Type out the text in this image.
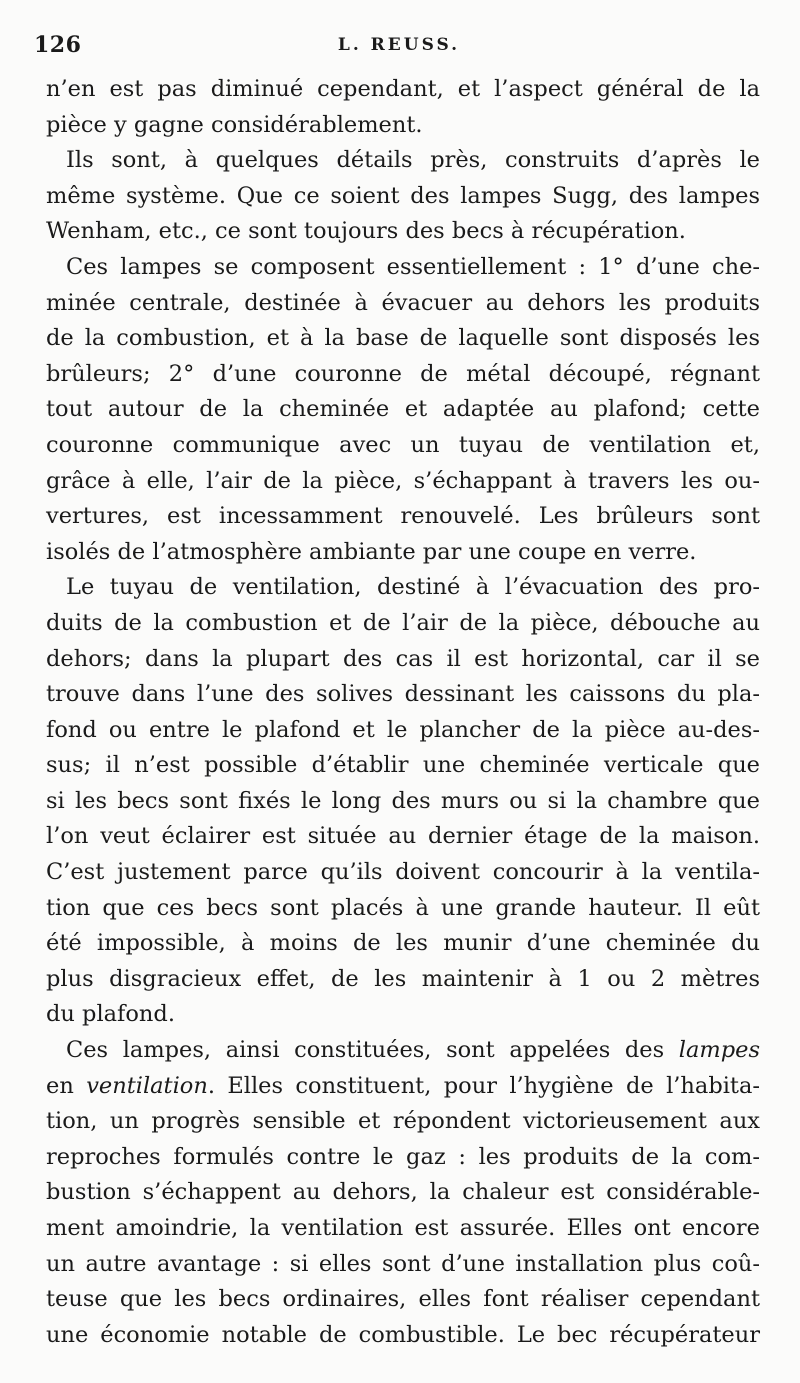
126	L. REUSS.
n’en est pas diminué cependant, et l’aspect général de la
pièce y gagne considérablement.
Ils sont, à quelques détails près, construits d’après le
même système. Que ce soient des lampes Sugg, des lampes
Wenham, etc., ce sont toujours des becs à récupération.
Ces lampes se composent essentiellement : 1° d’une che-
minée centrale, destinée à évacuer au dehors les produits
de la combustion, et à la base de laquelle sont disposés les
brûleurs; 2° d’une couronne de métal découpé, régnant
tout autour de la cheminée et adaptée au plafond; cette
couronne communique avec un tuyau de ventilation et,
grâce à elle, l’air de la pièce, s’échappant à travers les ou-
vertures, est incessamment renouvelé. Les brûleurs sont
isolés de l’atmosphère ambiante par une coupe en verre.
Le tuyau de ventilation, destiné à l’évacuation des pro-
duits de la combustion et de l’air de la pièce, débouche au
dehors; dans la plupart des cas il est horizontal, car il se
trouve dans l’une des solives dessinant les caissons du pla-
fond ou entre le plafond et le plancher de la pièce au-des-
sus; il n’est possible d’établir une cheminée verticale que
si les becs sont fixés le long des murs ou si la chambre que
l’on veut éclairer est située au dernier étage de la maison.
C’est justement parce qu’ils doivent concourir à la ventila-
tion que ces becs sont placés à une grande hauteur. Il eût
été impossible, à moins de les munir d’une cheminée du
plus disgracieux effet, de les maintenir à 1 ou 2 mètres
du plafond.
Ces lampes, ainsi constituées, sont appelées des lampes
en ventilation. Elles constituent, pour l’hygiène de l’habita-
tion, un progrès sensible et répondent victorieusement aux
reproches formulés contre le gaz : les produits de la com-
bustion s’échappent au dehors, la chaleur est considérable-
ment amoindrie, la ventilation est assurée. Elles ont encore
un autre avantage : si elles sont d’une installation plus coû-
teuse que les becs ordinaires, elles font réaliser cependant
une économie notable de combustible. Le bec récupérateur
